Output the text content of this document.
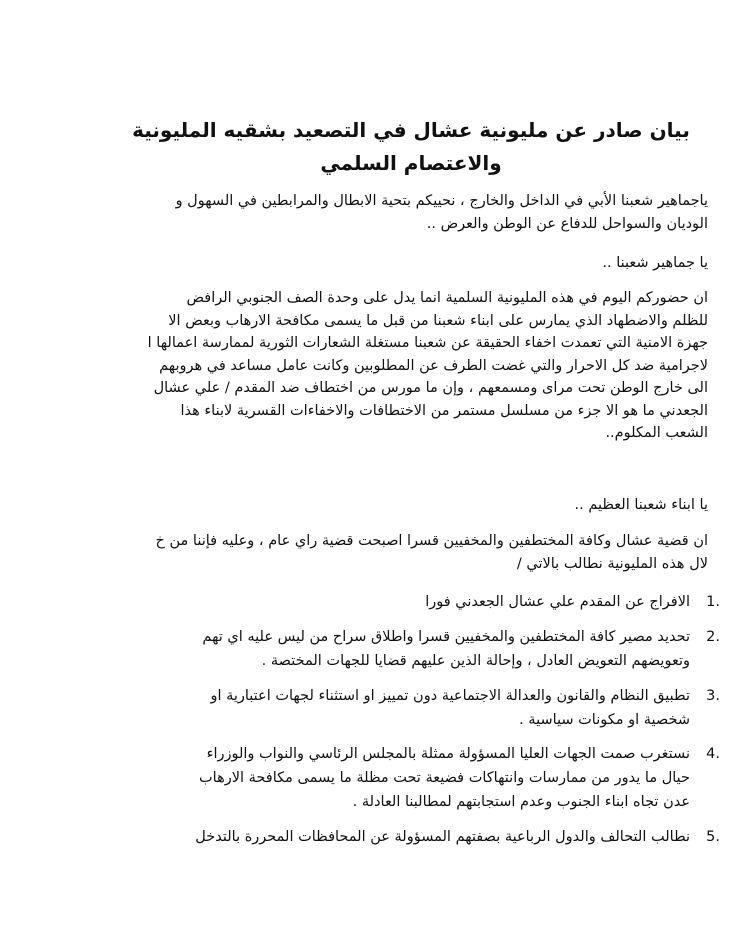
بيان صادر عن مليونية عشال في التصعيد بشقيه المليونية والاعتصام السلمي
ياجماهير شعبنا الأبي في الداخل والخارج ، نحييكم بتحية الابطال والمرابطين في السهول و
الوديان والسواحل للدفاع عن الوطن والعرض ..
يا جماهير شعبنا ..
ان حضوركم اليوم في هذه المليونية السلمية انما يدل على وحدة الصف الجنوبي الرافض
للظلم والاضطهاد الذي يمارس على ابناء شعبنا من قبل ما يسمى مكافحة الارهاب وبعض الا
جهزة الامنية التي تعمدت اخفاء الحقيقة عن شعبنا مستغلة الشعارات الثورية لممارسة اعمالها ا
لاجرامية ضد كل الاحرار والتي غضت الطرف عن المطلوبين وكانت عامل مساعد في هروبهم
الى خارج الوطن تحت مراى ومسمعهم ، وإن ما مورس من اختطاف ضد المقدم / علي عشال
الجعدني ما هو الا جزء من مسلسل مستمر من الاختطافات والاخفاءات القسرية لابناء هذا
الشعب المكلوم..
يا ابناء شعبنا العظيم ..
ان قضية عشال وكافة المختطفين والمخفيين قسرا اصبحت قضية راي عام ، وعليه فإننا من خ
لال هذه المليونية نطالب بالاتي /
1.
الافراج عن المقدم علي عشال الجعدني فورا
2.
تحديد مصير كافة المختطفين والمخفيين قسرا واطلاق سراح من ليس عليه اي تهم
وتعويضهم التعويض العادل ، وإحالة الذين عليهم قضايا للجهات المختصة .
3.
تطبيق النظام والقانون والعدالة الاجتماعية دون تمييز او استثناء لجهات اعتبارية او
شخصية او مكونات سياسية .
4.
نستغرب صمت الجهات العليا المسؤولة ممثلة بالمجلس الرئاسي والنواب والوزراء
حيال ما يدور من ممارسات وانتهاكات فضيعة تحت مظلة ما يسمى مكافحة الارهاب
عدن تجاه ابناء الجنوب وعدم استجابتهم لمطالبنا العادلة .
5.
نطالب التحالف والدول الرباعية بصفتهم المسؤولة عن المحافظات المحررة بالتدخل
